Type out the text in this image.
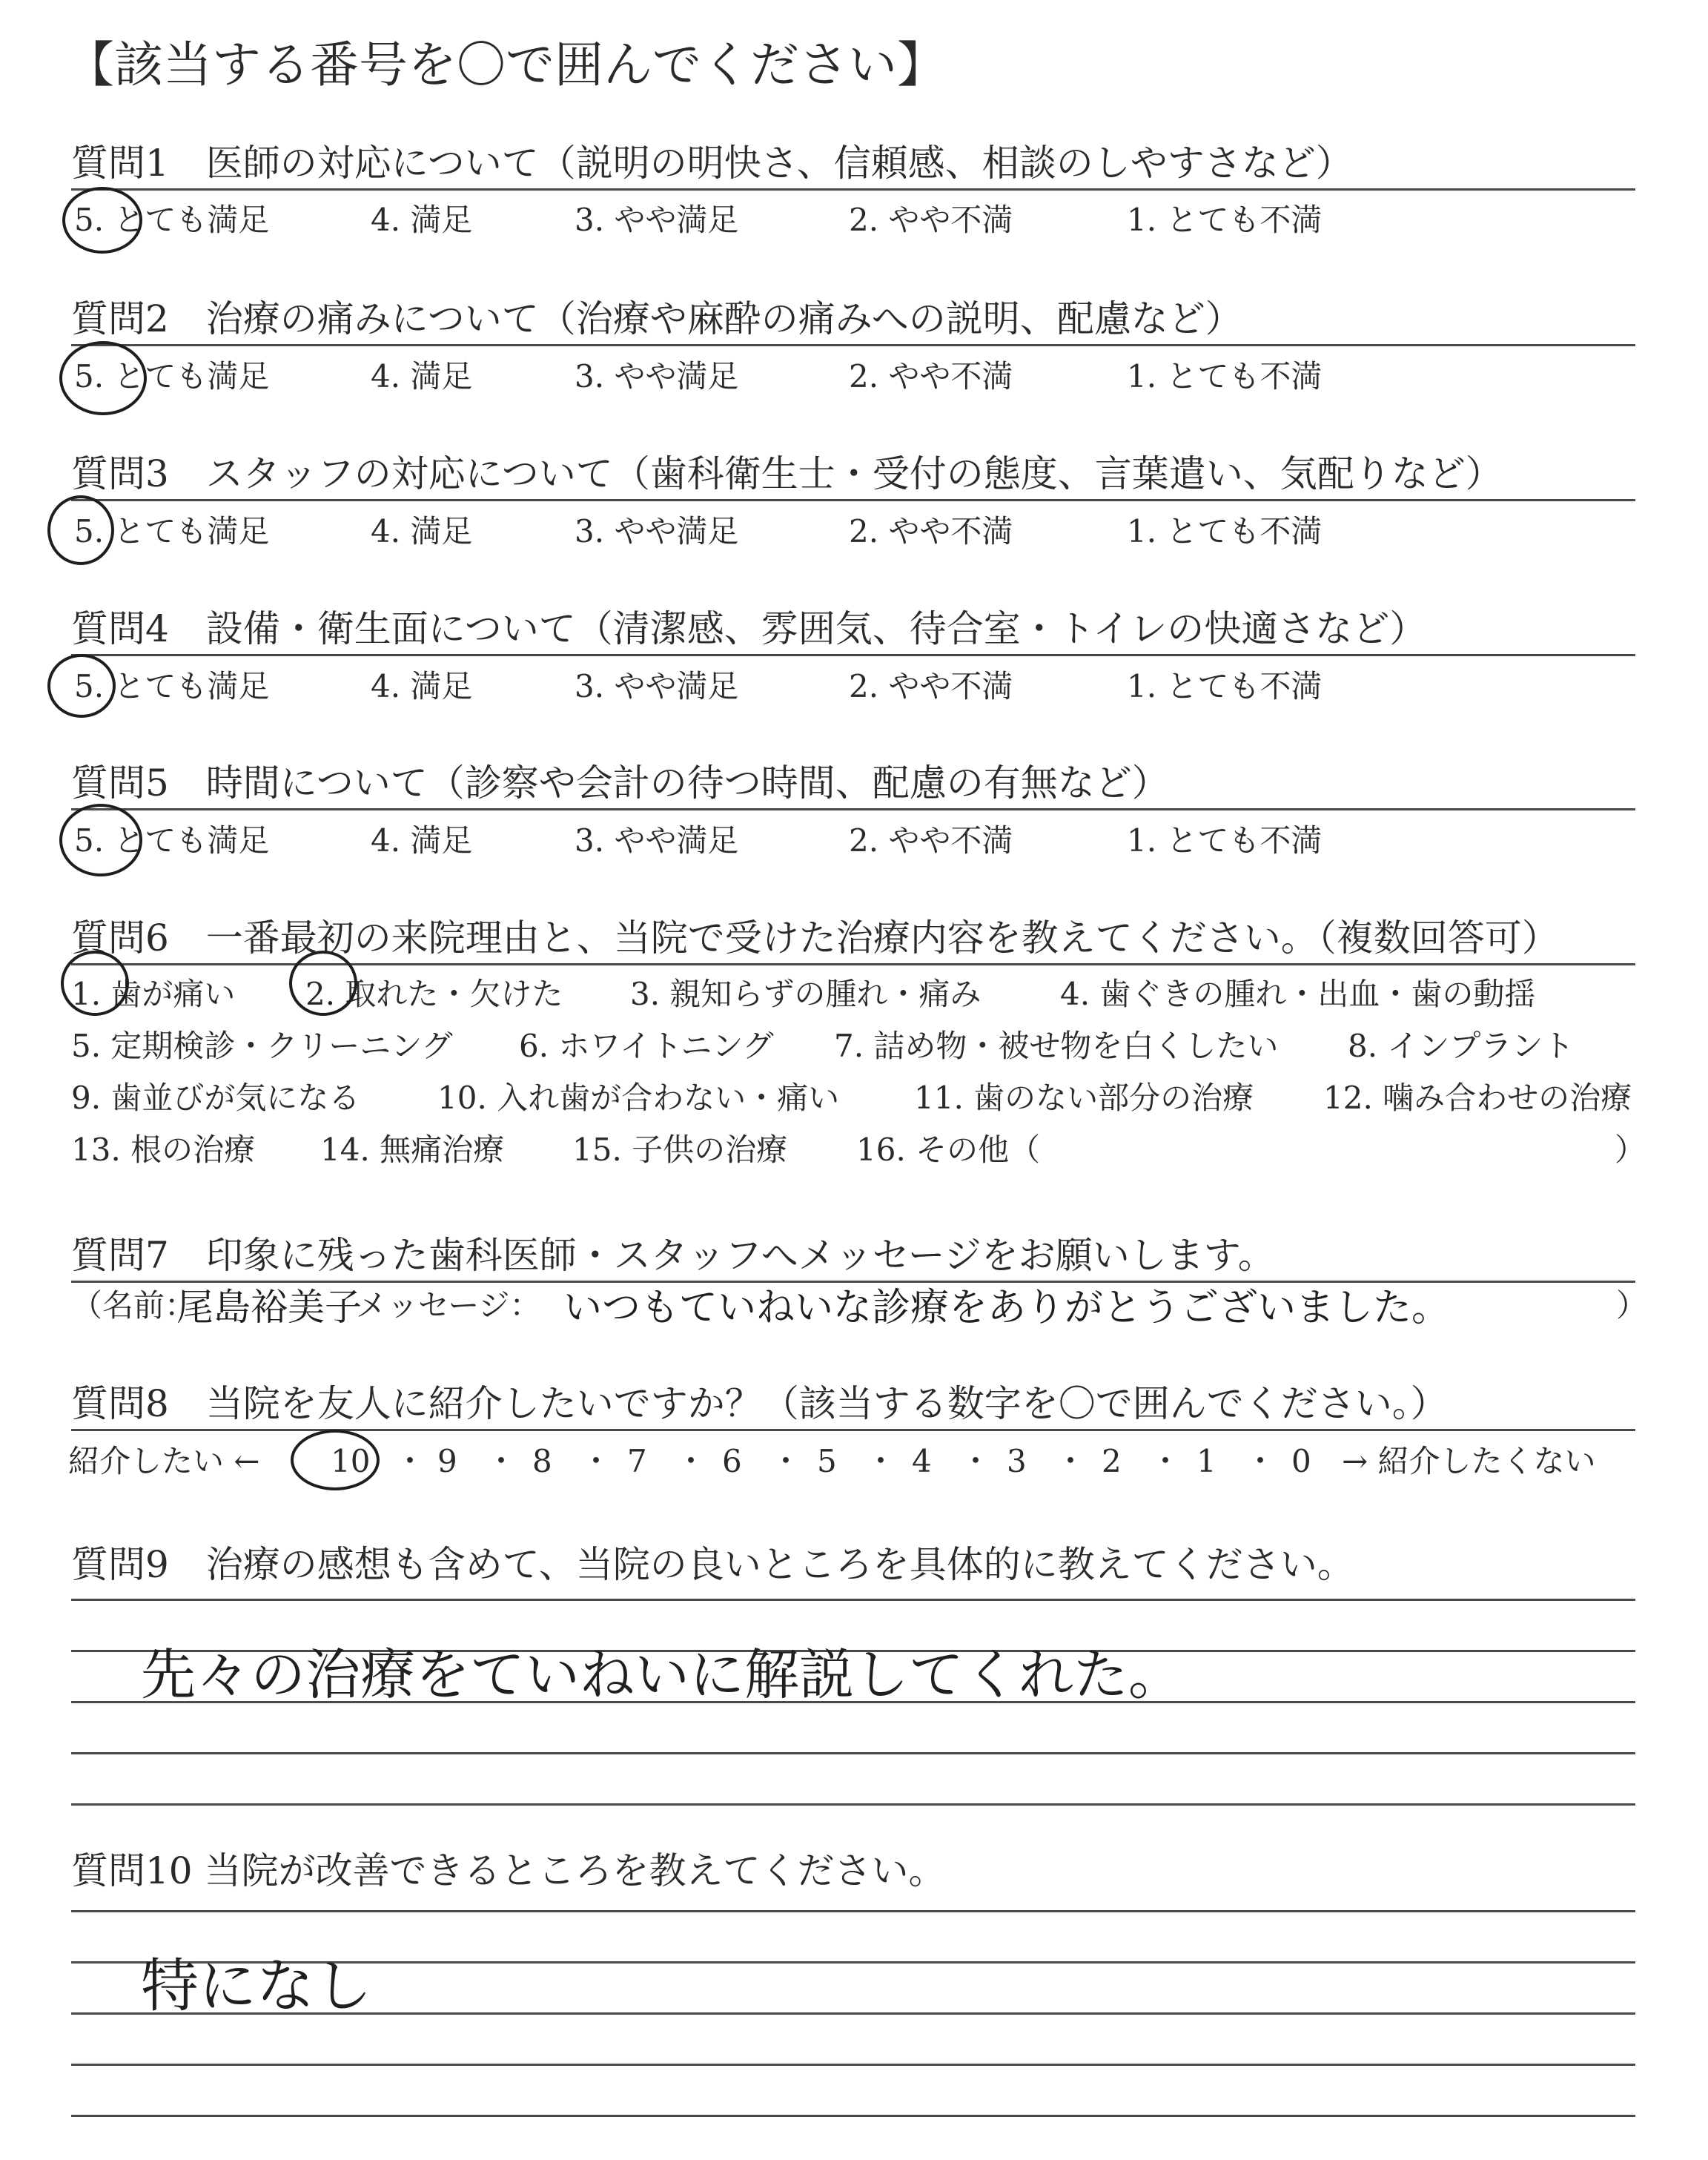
【該当する番号を〇で囲んでください】
質問1　医師の対応について（説明の明快さ、信頼感、相談のしやすさなど）
5. とても満足	4. 満足	3. やや満足	2. やや不満	1. とても不満
質問2　治療の痛みについて（治療や麻酔の痛みへの説明、配慮など）
5. とても満足	4. 満足	3. やや満足	2. やや不満	1. とても不満
質問3　スタッフの対応について（歯科衛生士・受付の態度、言葉遣い、気配りなど）
5. とても満足	4. 満足	3. やや満足	2. やや不満	1. とても不満
質問4　設備・衛生面について（清潔感、雰囲気、待合室・トイレの快適さなど）
5. とても満足	4. 満足	3. やや満足	2. やや不満	1. とても不満
質問5　時間について（診察や会計の待つ時間、配慮の有無など）
5. とても満足	4. 満足	3. やや満足	2. やや不満	1. とても不満
質問6　一番最初の来院理由と、当院で受けた治療内容を教えてください。（複数回答可）
1. 歯が痛い 2. 取れた・欠けた 3. 親知らずの腫れ・痛み	4. 歯ぐきの腫れ・出血・歯の動揺
5. 定期検診・クリーニング 6. ホワイトニング 7. 詰め物・被せ物を白くしたい 8. インプラント
9. 歯並びが気になる 10. 入れ歯が合わない・痛い 11. 歯のない部分の治療 12. 噛み合わせの治療
13. 根の治療 14. 無痛治療 15. 子供の治療 16. その他（	）
質問7　印象に残った歯科医師・スタッフへメッセージをお願いします。
（名前：
尾島裕美子
メッセージ： いつもていねいな診療をありがとうございました。	）
質問8　当院を友人に紹介したいですか？（該当する数字を〇で囲んでください。）
紹介したい ← 10 ・ 9 ・ 8 ・ 7 ・ 6 ・ 5 ・ 4 ・ 3 ・ 2 ・ 1 ・ 0 → 紹介したくない
質問9　治療の感想も含めて、当院の良いところを具体的に教えてください。
先々の治療をていねいに解説してくれた。
質問10 当院が改善できるところを教えてください。
特になし
